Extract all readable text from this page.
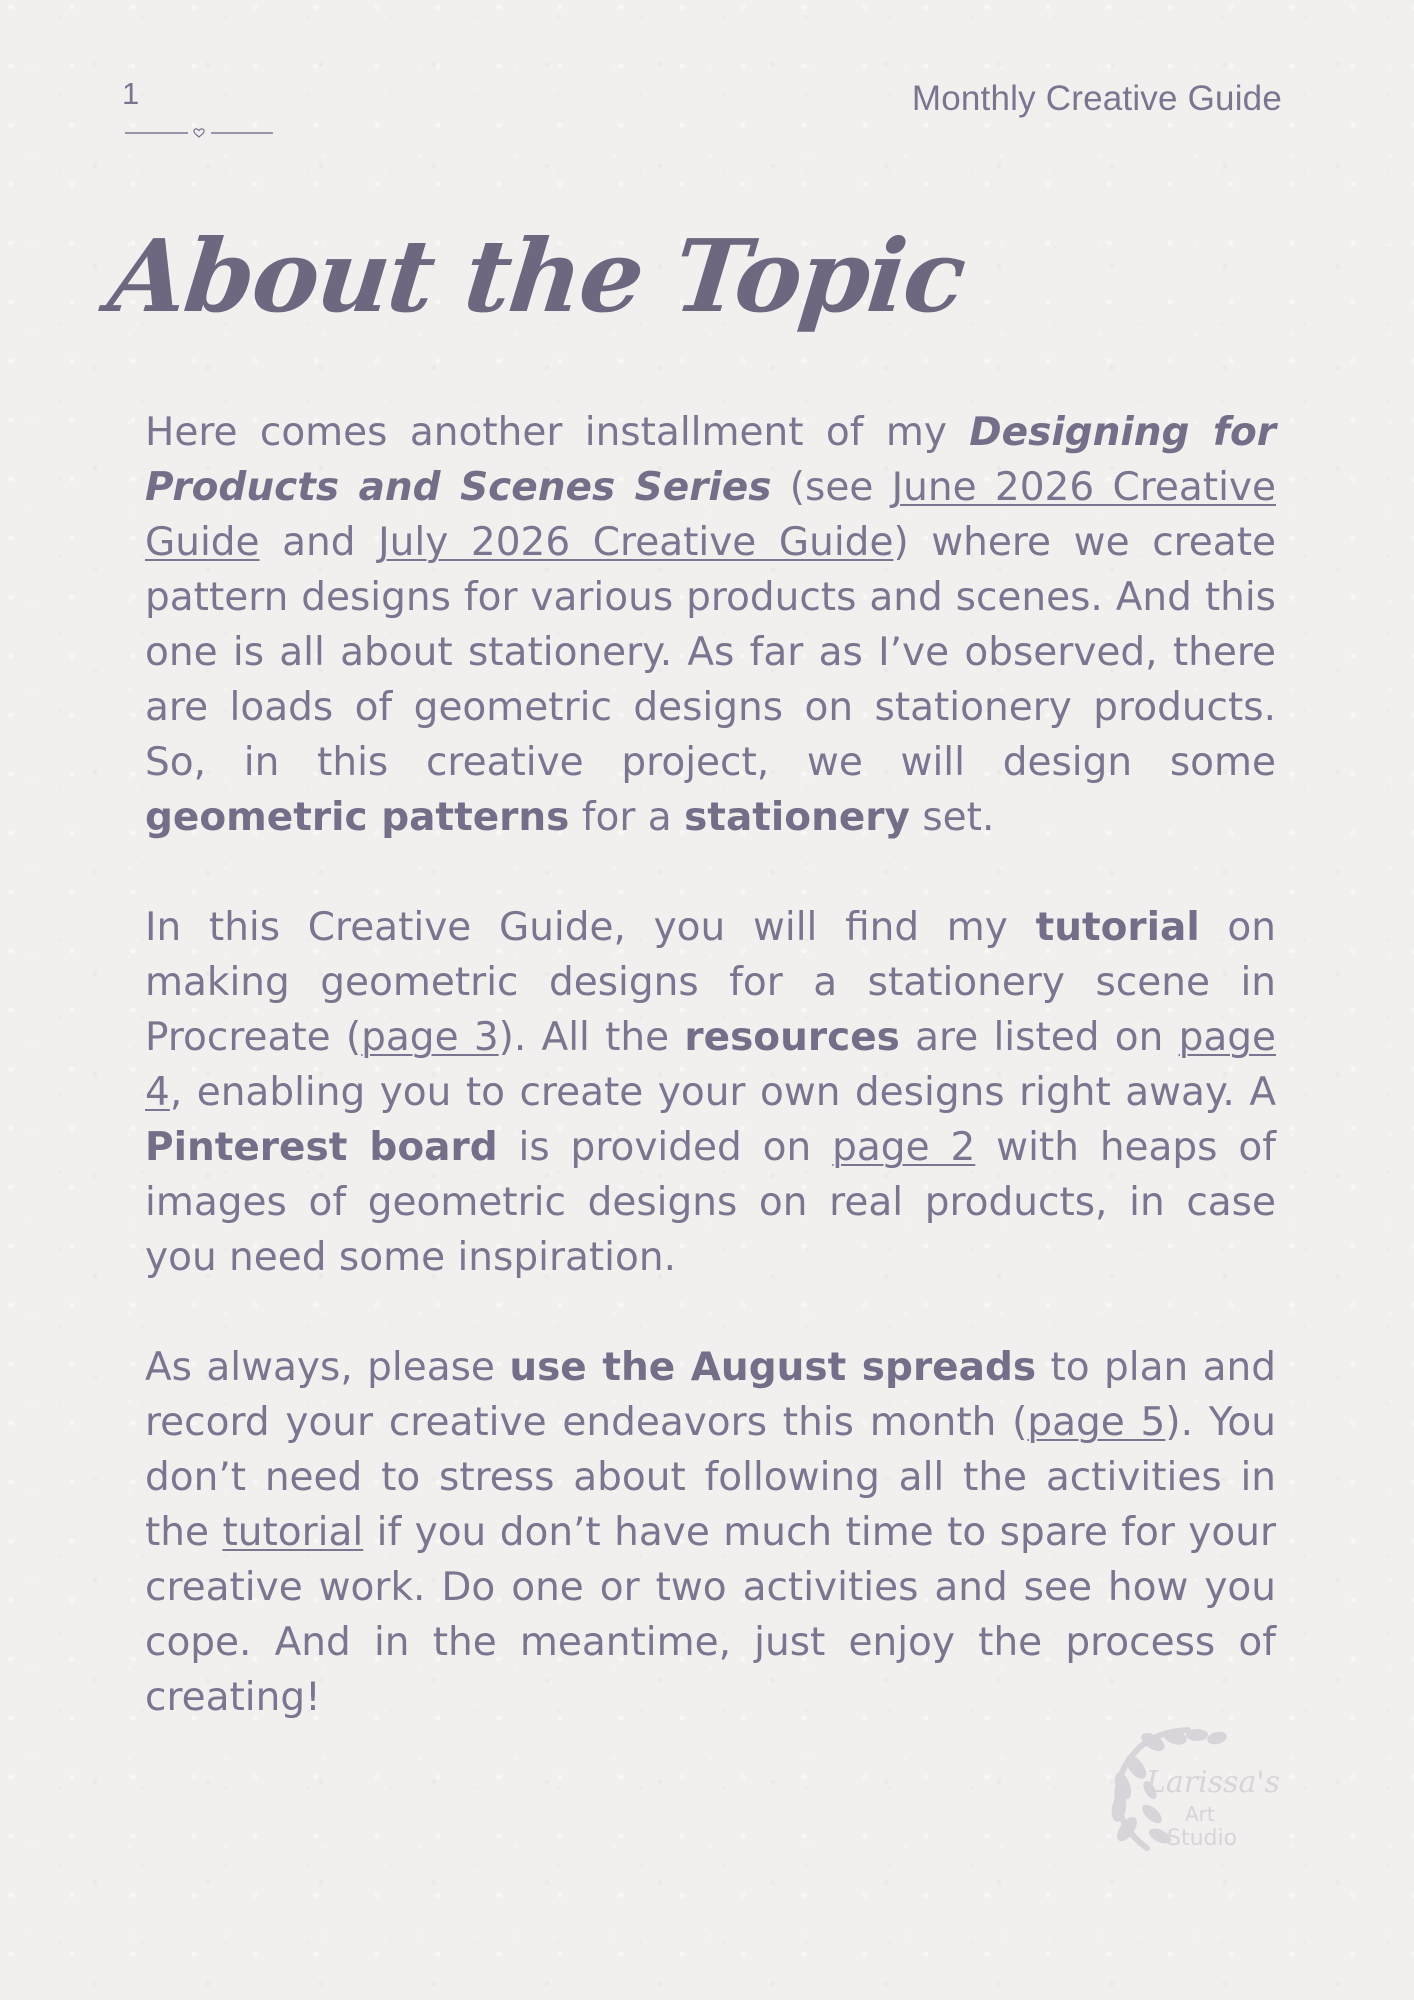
1	Monthly Creative Guide
About the Topic

Here comes another installment of my Designing for Products and Scenes Series (see June 2026 Creative Guide and July 2026 Creative Guide) where we create pattern designs for various products and scenes. And this one is all about stationery. As far as I’ve observed, there are loads of geometric designs on stationery products. So, in this creative project, we will design some geometric patterns for a stationery set.

In this Creative Guide, you will find my tutorial on making geometric designs for a stationery scene in Procreate (page 3). All the resources are listed on page 4, enabling you to create your own designs right away. A Pinterest board is provided on page 2 with heaps of images of geometric designs on real products, in case you need some inspiration.

As always, please use the August spreads to plan and record your creative endeavors this month (page 5). You don’t need to stress about following all the activities in the tutorial if you don’t have much time to spare for your creative work. Do one or two activities and see how you cope. And in the meantime, just enjoy the process of creating!

Larissa's
Art
Studio
